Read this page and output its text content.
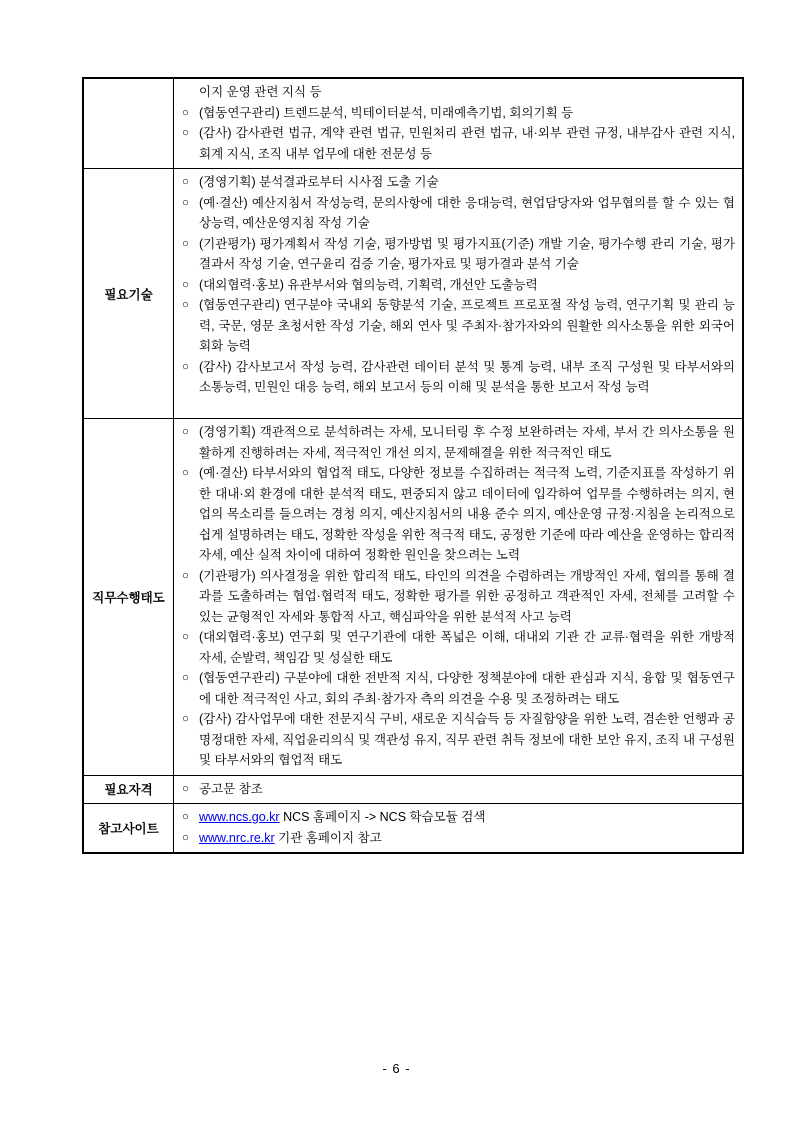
이지 운영 관련 지식 등
○ (협동연구관리) 트렌드분석, 빅테이터분석, 미래예측기법, 회의기획 등
○ (감사) 감사관련 법규, 계약 관련 법규, 민원처리 관련 법규, 내·외부 관련 규정, 내부감사 관련 지식, 회계 지식, 조직 내부 업무에 대한 전문성 등
필요기술
○ (경영기획) 분석결과로부터 시사점 도출 기술
○ (예·결산) 예산지침서 작성능력, 문의사항에 대한 응대능력, 현업담당자와 업무협의를 할 수 있는 협상능력, 예산운영지침 작성 기술
○ (기관평가) 평가계획서 작성 기술, 평가방법 및 평가지표(기준) 개발 기술, 평가수행 관리 기술, 평가결과서 작성 기술, 연구윤리 검증 기술, 평가자료 및 평가결과 분석 기술
○ (대외협력·홍보) 유관부서와 협의능력, 기획력, 개선안 도출능력
○ (협동연구관리) 연구분야 국내외 동향분석 기술, 프로젝트 프로포절 작성 능력, 연구기획 및 관리 능력, 국문, 영문 초청서한 작성 기술, 해외 연사 및 주최자·참가자와의 원활한 의사소통을 위한 외국어 회화 능력
○ (감사) 감사보고서 작성 능력, 감사관련 데이터 분석 및 통계 능력, 내부 조직 구성원 및 타부서와의 소통능력, 민원인 대응 능력, 해외 보고서 등의 이해 및 분석을 통한 보고서 작성 능력
직무수행태도
○ (경영기획) 객관적으로 분석하려는 자세, 모니터링 후 수정 보완하려는 자세, 부서 간 의사소통을 원활하게 진행하려는 자세, 적극적인 개선 의지, 문제해결을 위한 적극적인 태도
○ (예·결산) 타부서와의 협업적 태도, 다양한 정보를 수집하려는 적극적 노력, 기준지표를 작성하기 위한 대내·외 환경에 대한 분석적 태도, 편중되지 않고 데이터에 입각하여 업무를 수행하려는 의지, 현업의 목소리를 들으려는 경청 의지, 예산지침서의 내용 준수 의지, 예산운영 규정·지침을 논리적으로 쉽게 설명하려는 태도, 정확한 작성을 위한 적극적 태도, 공정한 기준에 따라 예산을 운영하는 합리적 자세, 예산 실적 차이에 대하여 정확한 원인을 찾으려는 노력
○ (기관평가) 의사결정을 위한 합리적 태도, 타인의 의견을 수렴하려는 개방적인 자세, 협의를 통해 결과를 도출하려는 협업·협력적 태도, 정확한 평가를 위한 공정하고 객관적인 자세, 전체를 고려할 수 있는 균형적인 자세와 통합적 사고, 핵심파악을 위한 분석적 사고 능력
○ (대외협력·홍보) 연구회 및 연구기관에 대한 폭넓은 이해, 대내외 기관 간 교류·협력을 위한 개방적 자세, 순발력, 책임감 및 성실한 태도
○ (협동연구관리) 구분야에 대한 전반적 지식, 다양한 정책분야에 대한 관심과 지식, 융합 및 협동연구에 대한 적극적인 사고, 회의 주최·참가자 측의 의견을 수용 및 조정하려는 태도
○ (감사) 감사업무에 대한 전문지식 구비, 새로운 지식습득 등 자질함양을 위한 노력, 겸손한 언행과 공명정대한 자세, 직업윤리의식 및 객관성 유지, 직무 관련 취득 정보에 대한 보안 유지, 조직 내 구성원 및 타부서와의 협업적 태도
필요자격	○ 공고문 참조
참고사이트
○ www.ncs.go.kr NCS 홈페이지 -> NCS 학습모듈 검색
○ www.nrc.re.kr 기관 홈페이지 참고
- 6 -
